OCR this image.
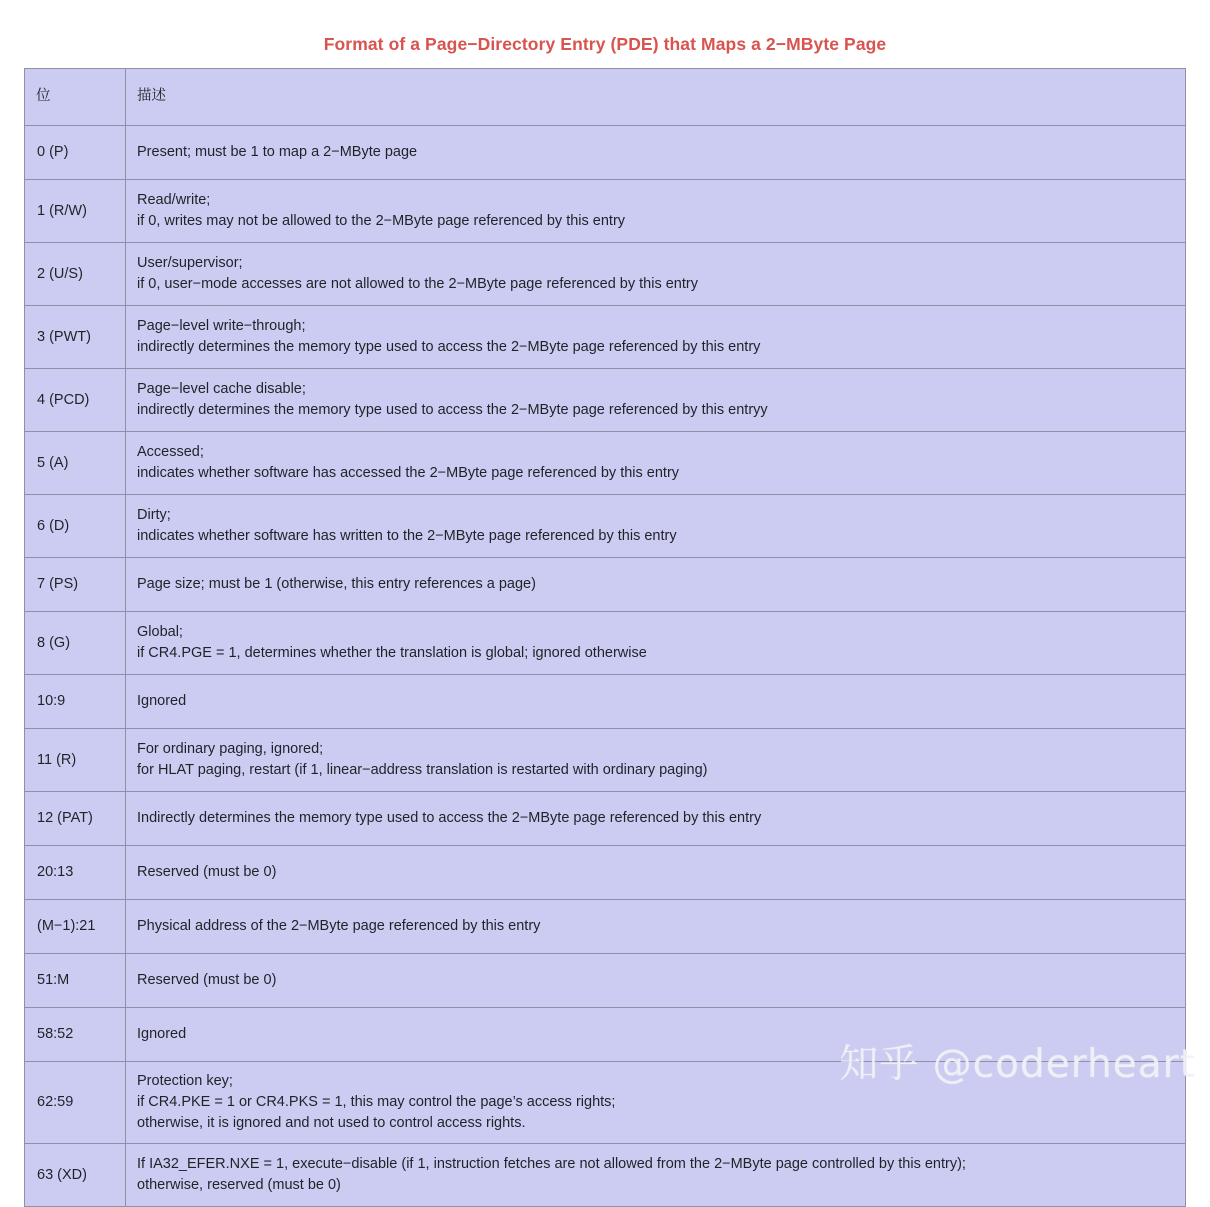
Format of a Page−Directory Entry (PDE) that Maps a 2−MByte Page
位	描述
0 (P)	Present; must be 1 to map a 2−MByte page

1 (R/W)	Read/write;
if 0, writes may not be allowed to the 2−MByte page referenced by this entry

2 (U/S)	User/supervisor;
if 0, user−mode accesses are not allowed to the 2−MByte page referenced by this entry

3 (PWT)	Page−level write−through;
indirectly determines the memory type used to access the 2−MByte page referenced by this entry

4 (PCD)	Page−level cache disable;
indirectly determines the memory type used to access the 2−MByte page referenced by this entryy

5 (A)	Accessed;
indicates whether software has accessed the 2−MByte page referenced by this entry

6 (D)	Dirty;
indicates whether software has written to the 2−MByte page referenced by this entry

7 (PS)	Page size; must be 1 (otherwise, this entry references a page)

8 (G)	Global;
if CR4.PGE = 1, determines whether the translation is global; ignored otherwise

10:9	Ignored

11 (R)	For ordinary paging, ignored;
for HLAT paging, restart (if 1, linear−address translation is restarted with ordinary paging)

12 (PAT)	Indirectly determines the memory type used to access the 2−MByte page referenced by this entry

20:13	Reserved (must be 0)

(M−1):21	Physical address of the 2−MByte page referenced by this entry

51:M	Reserved (must be 0)

58:52	Ignored

62:59	Protection key;
if CR4.PKE = 1 or CR4.PKS = 1, this may control the page’s access rights;
otherwise, it is ignored and not used to control access rights.

63 (XD)	If IA32_EFER.NXE = 1, execute−disable (if 1, instruction fetches are not allowed from the 2−MByte page controlled by this entry);
otherwise, reserved (must be 0)
知乎 @coderheart
